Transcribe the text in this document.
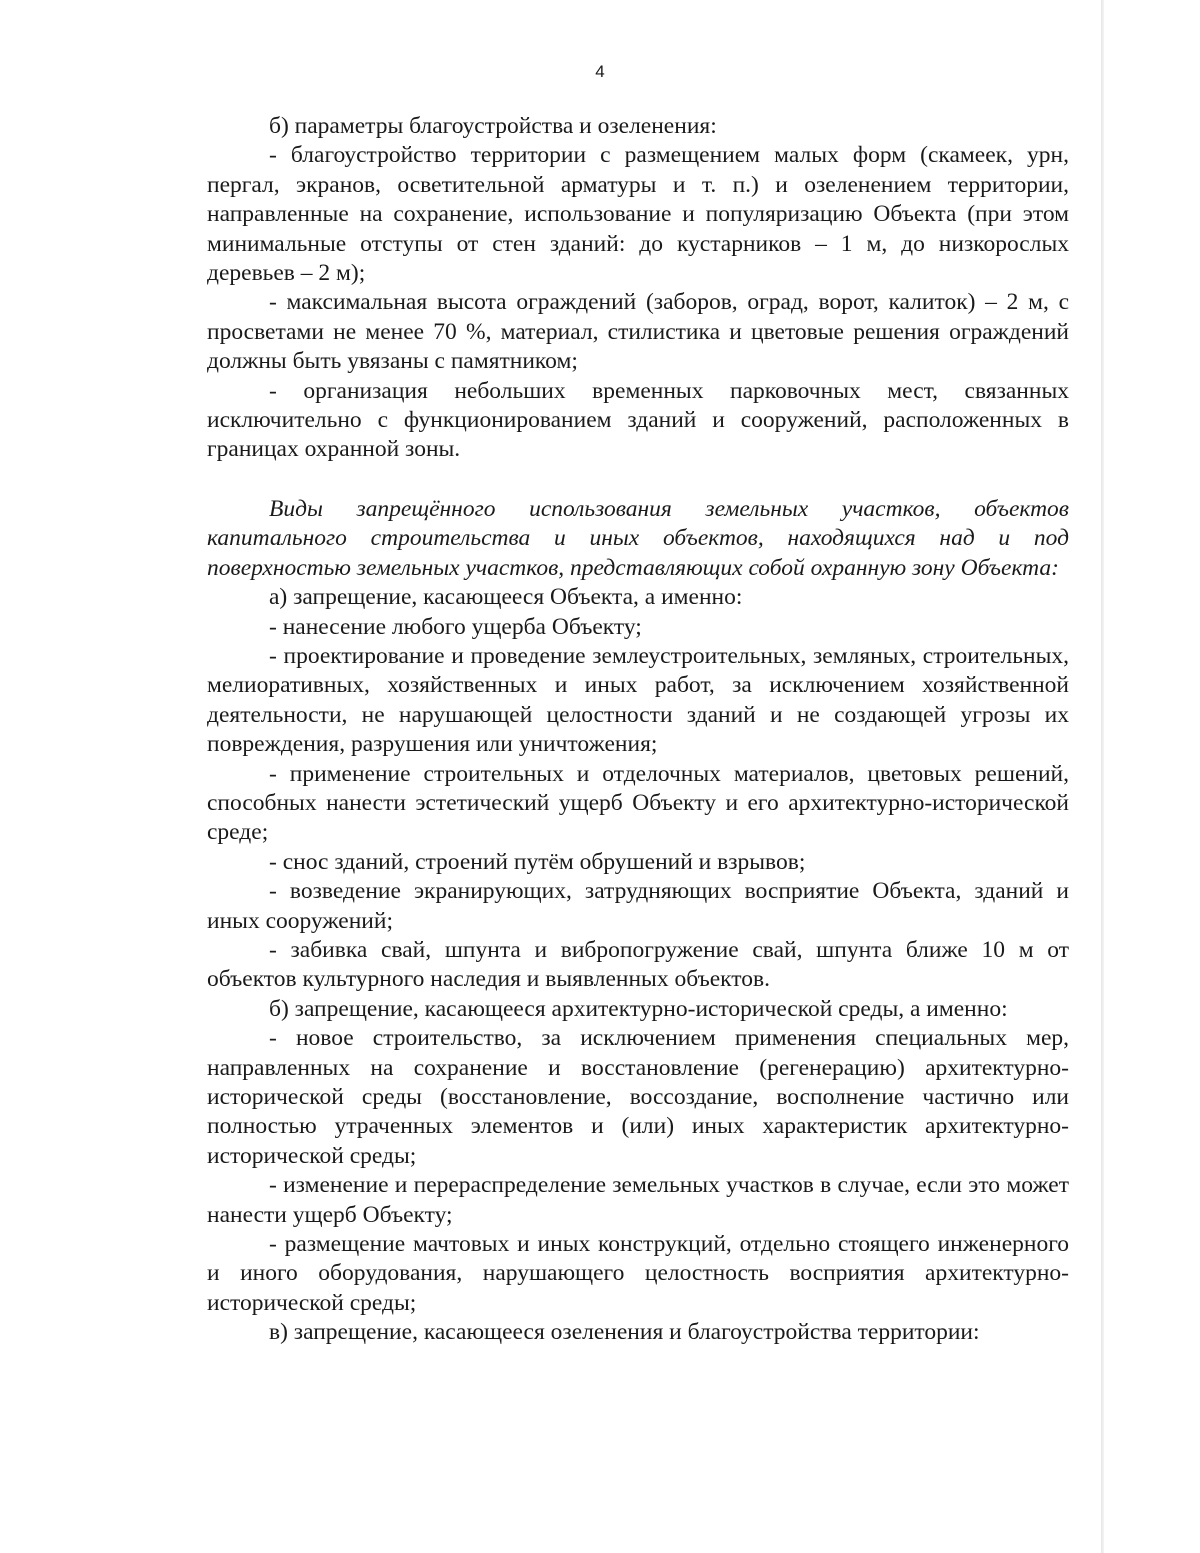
4

б) параметры благоустройства и озеленения:

- благоустройство территории с размещением малых форм (скамеек, урн, пергал, экранов, осветительной арматуры и т. п.) и озеленением территории, направленные на сохранение, использование и популяризацию Объекта (при этом минимальные отступы от стен зданий: до кустарников – 1 м, до низкорослых деревьев – 2 м);

- максимальная высота ограждений (заборов, оград, ворот, калиток) – 2 м, с просветами не менее 70 %, материал, стилистика и цветовые решения ограждений должны быть увязаны с памятником;

- организация небольших временных парковочных мест, связанных исключительно с функционированием зданий и сооружений, расположенных в границах охранной зоны.

Виды запрещённого использования земельных участков, объектов капитального строительства и иных объектов, находящихся над и под поверхностью земельных участков, представляющих собой охранную зону Объекта:

а) запрещение, касающееся Объекта, а именно:

- нанесение любого ущерба Объекту;

- проектирование и проведение землеустроительных, земляных, строительных, мелиоративных, хозяйственных и иных работ, за исключением хозяйственной деятельности, не нарушающей целостности зданий и не создающей угрозы их повреждения, разрушения или уничтожения;

- применение строительных и отделочных материалов, цветовых решений, способных нанести эстетический ущерб Объекту и его архитектурно-исторической среде;

- снос зданий, строений путём обрушений и взрывов;

- возведение экранирующих, затрудняющих восприятие Объекта, зданий и иных сооружений;

- забивка свай, шпунта и вибропогружение свай, шпунта ближе 10 м от объектов культурного наследия и выявленных объектов.

б) запрещение, касающееся архитектурно-исторической среды, а именно:

- новое строительство, за исключением применения специальных мер, направленных на сохранение и восстановление (регенерацию) архитектурно-исторической среды (восстановление, воссоздание, восполнение частично или полностью утраченных элементов и (или) иных характеристик архитектурно-исторической среды;

- изменение и перераспределение земельных участков в случае, если это может нанести ущерб Объекту;

- размещение мачтовых и иных конструкций, отдельно стоящего инженерного и иного оборудования, нарушающего целостность восприятия архитектурно-исторической среды;

в) запрещение, касающееся озеленения и благоустройства территории:
